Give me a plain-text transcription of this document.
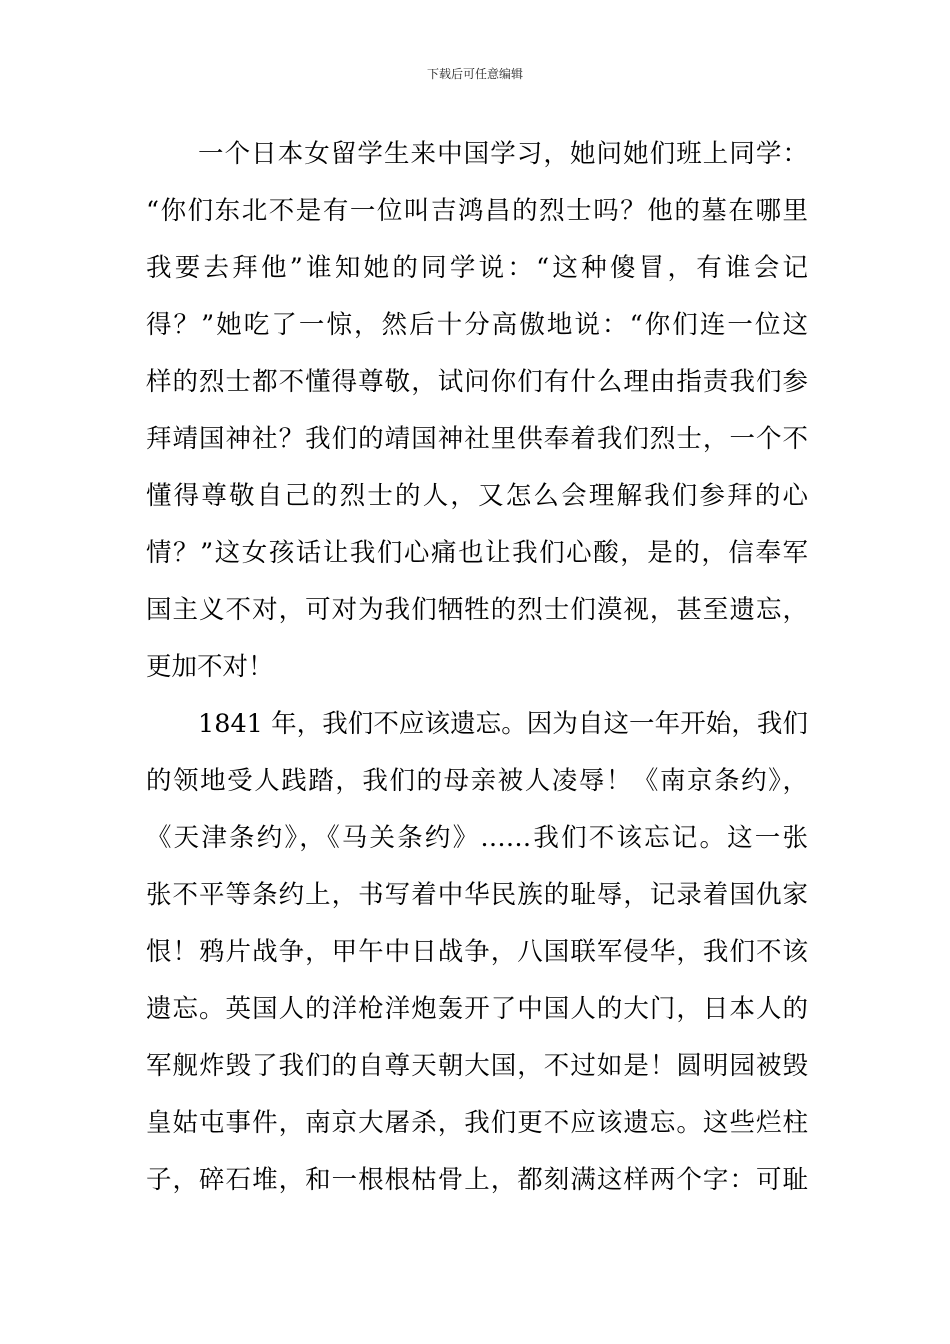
下载后可任意编辑
一个日本女留学生来中国学习，她问她们班上同学：
“你们东北不是有一位叫吉鸿昌的烈士吗？他的墓在哪里
我要去拜他”谁知她的同学说：“这种傻冒，有谁会记
得？”她吃了一惊，然后十分高傲地说：“你们连一位这
样的烈士都不懂得尊敬，试问你们有什么理由指责我们参
拜靖国神社？我们的靖国神社里供奉着我们烈士，一个不
懂得尊敬自己的烈士的人，又怎么会理解我们参拜的心
情？”这女孩话让我们心痛也让我们心酸，是的，信奉军
国主义不对，可对为我们牺牲的烈士们漠视，甚至遗忘，
更加不对！
1841 年，我们不应该遗忘。因为自这一年开始，我们
的领地受人践踏，我们的母亲被人凌辱！《南京条约》，
《天津条约》，《马关条约》……我们不该忘记。这一张
张不平等条约上，书写着中华民族的耻辱，记录着国仇家
恨！鸦片战争，甲午中日战争，八国联军侵华，我们不该
遗忘。英国人的洋枪洋炮轰开了中国人的大门，日本人的
军舰炸毁了我们的自尊天朝大国，不过如是！圆明园被毁
皇姑屯事件，南京大屠杀，我们更不应该遗忘。这些烂柱
子，碎石堆，和一根根枯骨上，都刻满这样两个字：可耻
